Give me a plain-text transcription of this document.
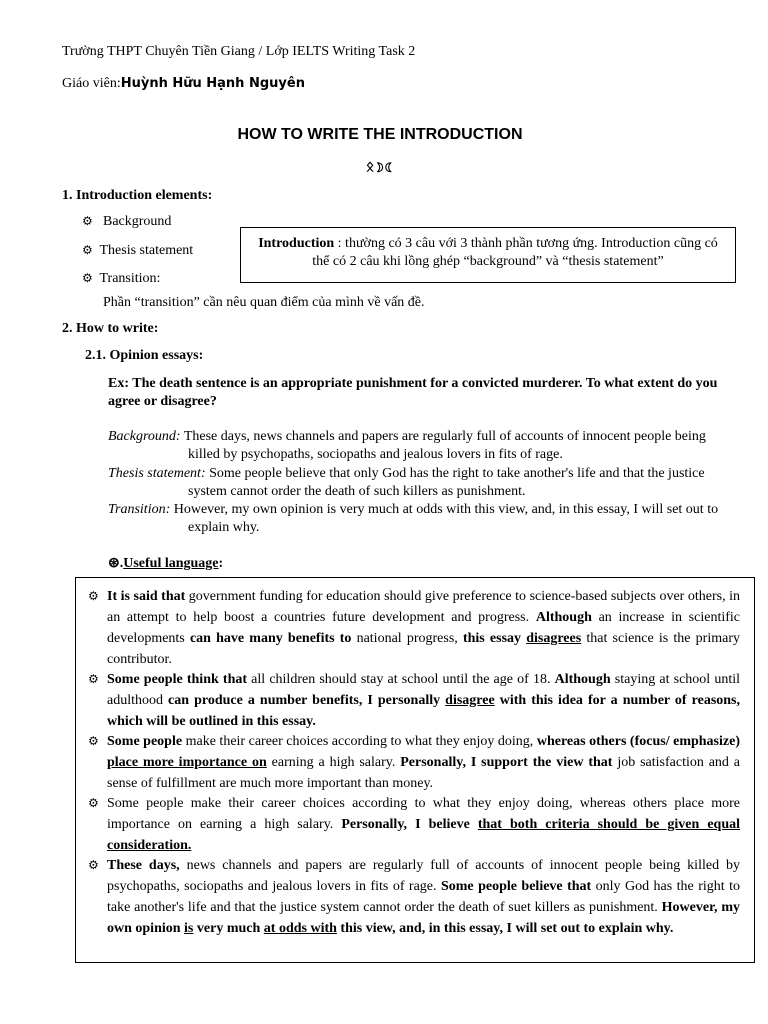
Trường THPT Chuyên Tiền Giang / Lớp IELTS Writing Task 2
Giáo viên:Huỳnh Hữu Hạnh Nguyên
HOW TO WRITE THE INTRODUCTION
ᛟ☽☾
1. Introduction elements:
⚙ Background
⚙ Thesis statement
⚙ Transition:
Phần “transition” cần nêu quan điểm của mình về vấn đề.
Introduction : thường có 3 câu với 3 thành phần tương ứng. Introduction cũng có thể có 2 câu khi lồng ghép “background” và “thesis statement”
2. How to write:
2.1. Opinion essays:
Ex: The death sentence is an appropriate punishment for a convicted murderer. To what extent do you agree or disagree?
Background: These days, news channels and papers are regularly full of accounts of innocent people being killed by psychopaths, sociopaths and jealous lovers in fits of rage.
Thesis statement: Some people believe that only God has the right to take another's life and that the justice system cannot order the death of such killers as punishment.
Transition: However, my own opinion is very much at odds with this view, and, in this essay, I will set out to explain why.
⊛.Useful language:
⚙ It is said that government funding for education should give preference to science-based subjects over others, in an attempt to help boost a countries future development and progress. Although an increase in scientific developments can have many benefits to national progress, this essay disagrees that science is the primary contributor.
⚙ Some people think that all children should stay at school until the age of 18. Although staying at school until adulthood can produce a number benefits, I personally disagree with this idea for a number of reasons, which will be outlined in this essay.
⚙ Some people make their career choices according to what they enjoy doing, whereas others (focus/ emphasize) place more importance on earning a high salary. Personally, I support the view that job satisfaction and a sense of fulfillment are much more important than money.
⚙ Some people make their career choices according to what they enjoy doing, whereas others place more importance on earning a high salary. Personally, I believe that both criteria should be given equal consideration.
⚙ These days, news channels and papers are regularly full of accounts of innocent people being killed by psychopaths, sociopaths and jealous lovers in fits of rage. Some people believe that only God has the right to take another's life and that the justice system cannot order the death of suet killers as punishment. However, my own opinion is very much at odds with this view, and, in this essay, I will set out to explain why.
